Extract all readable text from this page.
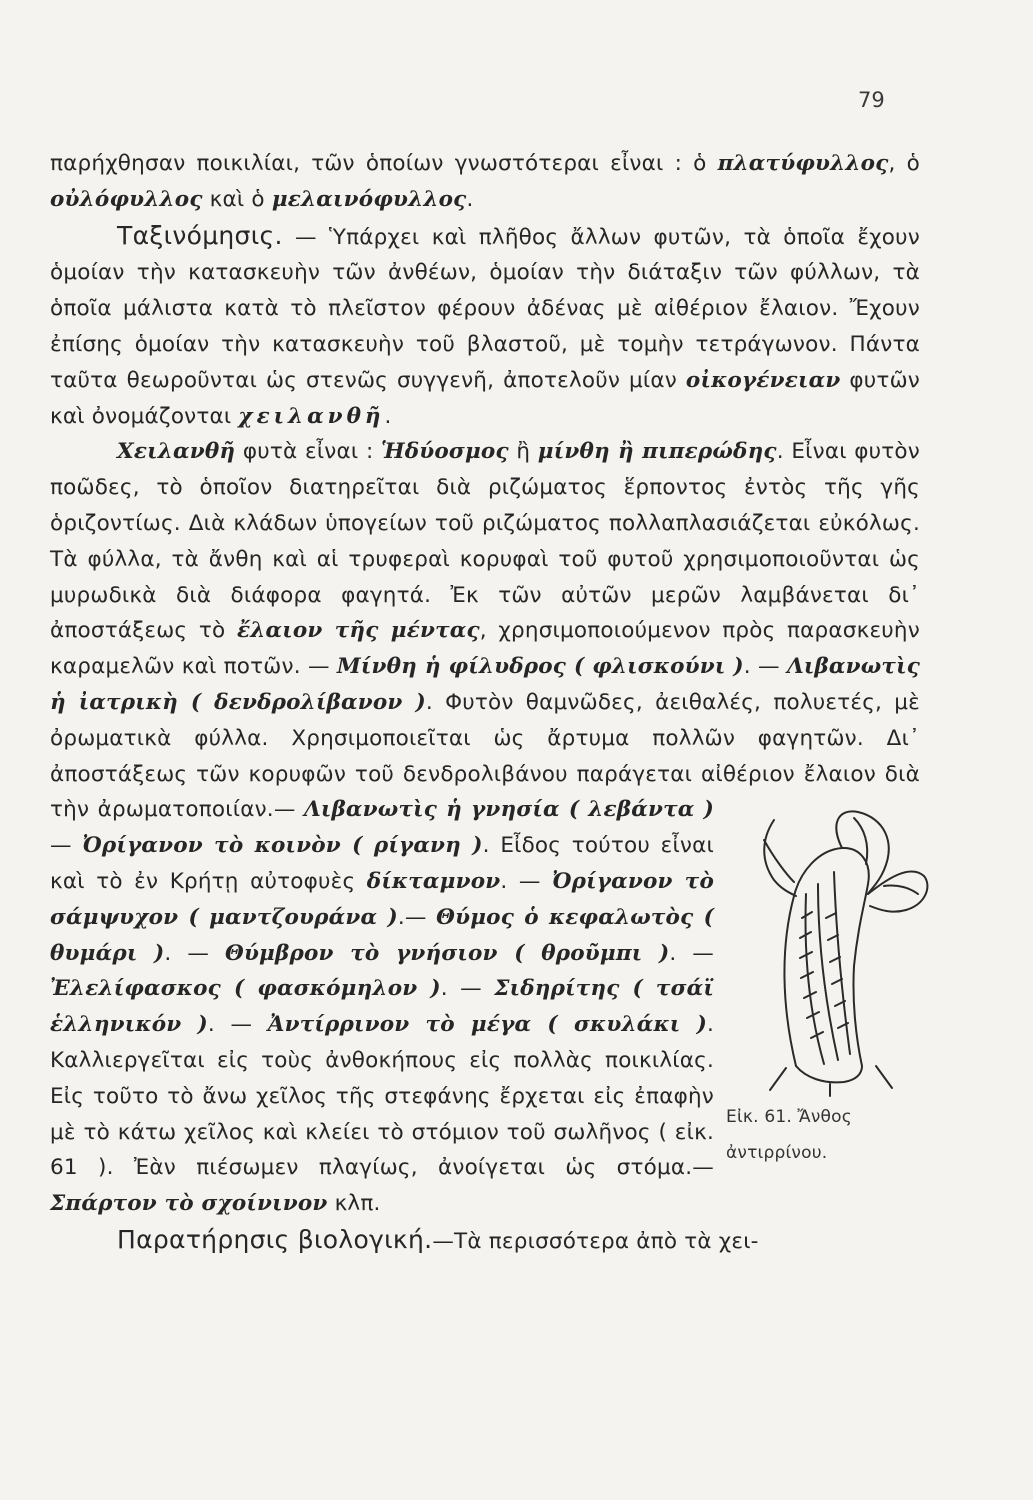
79

παρήχθησαν ποικιλίαι, τῶν ὁποίων γνωστότεραι εἶναι : ὁ πλατύφυλλος, ὁ οὐλόφυλλος καὶ ὁ μελαινόφυλλος.

Ταξινόμησις. — Ὑπάρχει καὶ πλῆθος ἄλλων φυτῶν, τὰ ὁποῖα ἔχουν ὁμοίαν τὴν κατασκευὴν τῶν ἀνθέων, ὁμοίαν τὴν διάταξιν τῶν φύλλων, τὰ ὁποῖα μάλιστα κατὰ τὸ πλεῖστον φέρουν ἀδένας μὲ αἰθέριον ἔλαιον. Ἔχουν ἐπίσης ὁμοίαν τὴν κατασκευὴν τοῦ βλαστοῦ, μὲ τομὴν τετράγωνον. Πάντα ταῦτα θεωροῦνται ὡς στενῶς συγγενῆ, ἀποτελοῦν μίαν οἰκογένειαν φυτῶν καὶ ὀνομάζονται χειλανθῆ.

Χειλανθῆ φυτὰ εἶναι : Ἡδύοσμος ἢ μίνθη ἢ πιπερώδης. Εἶναι φυτὸν ποῶδες, τὸ ὁποῖον διατηρεῖται διὰ ριζώματος ἕρποντος ἐντὸς τῆς γῆς ὁριζοντίως. Διὰ κλάδων ὑπογείων τοῦ ριζώματος πολλαπλασιάζεται εὐκόλως. Τὰ φύλλα, τὰ ἄνθη καὶ αἱ τρυφεραὶ κορυφαὶ τοῦ φυτοῦ χρησιμοποιοῦνται ὡς μυρωδικὰ διὰ διάφορα φαγητά. Ἐκ τῶν αὐτῶν μερῶν λαμβάνεται δι᾽ ἀποστάξεως τὸ ἔλαιον τῆς μέντας, χρησιμοποιούμενον πρὸς παρασκευὴν καραμελῶν καὶ ποτῶν. — Μίνθη ἡ φίλυδρος ( φλισκούνι ). — Λιβανωτὶς ἡ ἰατρικὴ ( δενδρολίβανον ). Φυτὸν θαμνῶδες, ἀειθαλές, πολυετές, μὲ ὀρωματικὰ φύλλα. Χρησιμοποιεῖται ὡς ἄρτυμα πολλῶν φαγητῶν. Δι᾽ ἀποστάξεως τῶν κορυφῶν τοῦ δενδρολιβάνου παράγεται αἰθέριον ἔλαιον διὰ τὴν ἀρωματοποιίαν.—
Εἰκ. 61. Ἄνθος
ἀντιρρίνου.
Λιβανωτὶς ἡ γνησία ( λεβάντα ) — Ὀρίγανον τὸ κοινὸν ( ρίγανη ). Εἶδος τούτου εἶναι καὶ τὸ ἐν Κρήτῃ αὐτοφυὲς δίκταμνον. — Ὀρίγανον τὸ σάμψυχον ( μαντζουράνα ).— Θύμος ὁ κεφαλωτὸς ( θυμάρι ). — Θύμβρον τὸ γνήσιον ( θροῦμπι ). — Ἐλελίφασκος ( φασκόμηλον ). — Σιδηρίτης ( τσάϊ ἑλληνικόν ). — Ἀντίρρινον τὸ μέγα ( σκυλάκι ). Καλλιεργεῖται εἰς τοὺς ἀνθοκήπους εἰς πολλὰς ποικιλίας. Εἰς τοῦτο τὸ ἄνω χεῖλος τῆς στεφάνης ἔρχεται εἰς ἐπαφὴν μὲ τὸ κάτω χεῖλος καὶ κλείει τὸ στόμιον τοῦ σωλῆνος ( εἰκ. 61 ). Ἐὰν πιέσωμεν πλαγίως, ἀνοίγεται ὡς στόμα.—Σπάρτον τὸ σχοίνινον κλπ.

Παρατήρησις βιολογική.—Τὰ περισσότερα ἀπὸ τὰ χει-
